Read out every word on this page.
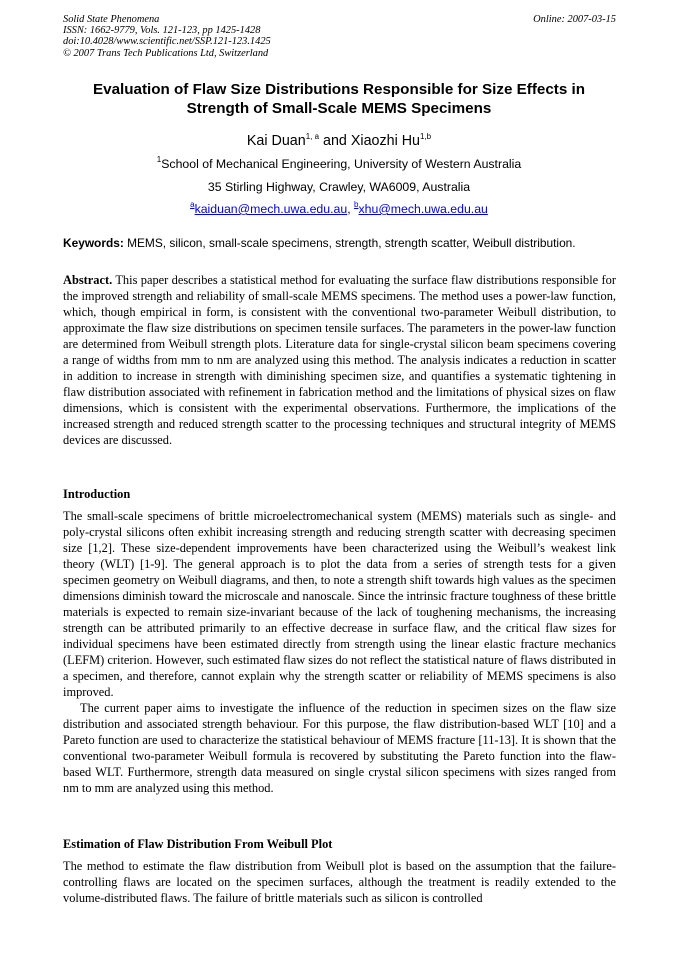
Solid State Phenomena
ISSN: 1662-9779, Vols. 121-123, pp 1425-1428
doi:10.4028/www.scientific.net/SSP.121-123.1425
© 2007 Trans Tech Publications Ltd, Switzerland
Online: 2007-03-15
Evaluation of Flaw Size Distributions Responsible for Size Effects in
Strength of Small-Scale MEMS Specimens
Kai Duan$^{1, a}$ and Xiaozhi Hu$^{1,b}$
$^1$School of Mechanical Engineering, University of Western Australia
35 Stirling Highway, Crawley, WA6009, Australia
$^a$kaiduan@mech.uwa.edu.au, $^b$xhu@mech.uwa.edu.au
Keywords: MEMS, silicon, small-scale specimens, strength, strength scatter, Weibull distribution.

Abstract. This paper describes a statistical method for evaluating the surface flaw distributions responsible for the improved strength and reliability of small-scale MEMS specimens. The method uses a power-law function, which, though empirical in form, is consistent with the conventional two-parameter Weibull distribution, to approximate the flaw size distributions on specimen tensile surfaces. The parameters in the power-law function are determined from Weibull strength plots. Literature data for single-crystal silicon beam specimens covering a range of widths from mm to nm are analyzed using this method. The analysis indicates a reduction in scatter in addition to increase in strength with diminishing specimen size, and quantifies a systematic tightening in flaw distribution associated with refinement in fabrication method and the limitations of physical sizes on flaw dimensions, which is consistent with the experimental observations. Furthermore, the implications of the increased strength and reduced strength scatter to the processing techniques and structural integrity of MEMS devices are discussed.

Introduction

The small-scale specimens of brittle microelectromechanical system (MEMS) materials such as single- and poly-crystal silicons often exhibit increasing strength and reducing strength scatter with decreasing specimen size [1,2]. These size-dependent improvements have been characterized using the Weibull’s weakest link theory (WLT) [1-9]. The general approach is to plot the data from a series of strength tests for a given specimen geometry on Weibull diagrams, and then, to note a strength shift towards high values as the specimen dimensions diminish toward the microscale and nanoscale. Since the intrinsic fracture toughness of these brittle materials is expected to remain size-invariant because of the lack of toughening mechanisms, the increasing strength can be attributed primarily to an effective decrease in surface flaw, and the critical flaw sizes for individual specimens have been estimated directly from strength using the linear elastic fracture mechanics (LEFM) criterion. However, such estimated flaw sizes do not reflect the statistical nature of flaws distributed in a specimen, and therefore, cannot explain why the strength scatter or reliability of MEMS specimens is also improved.

The current paper aims to investigate the influence of the reduction in specimen sizes on the flaw size distribution and associated strength behaviour. For this purpose, the flaw distribution-based WLT [10] and a Pareto function are used to characterize the statistical behaviour of MEMS fracture [11-13]. It is shown that the conventional two-parameter Weibull formula is recovered by substituting the Pareto function into the flaw-based WLT. Furthermore, strength data measured on single crystal silicon specimens with sizes ranged from nm to mm are analyzed using this method.

Estimation of Flaw Distribution From Weibull Plot

The method to estimate the flaw distribution from Weibull plot is based on the assumption that the failure-controlling flaws are located on the specimen surfaces, although the treatment is readily extended to the volume-distributed flaws. The failure of brittle materials such as silicon is controlled
